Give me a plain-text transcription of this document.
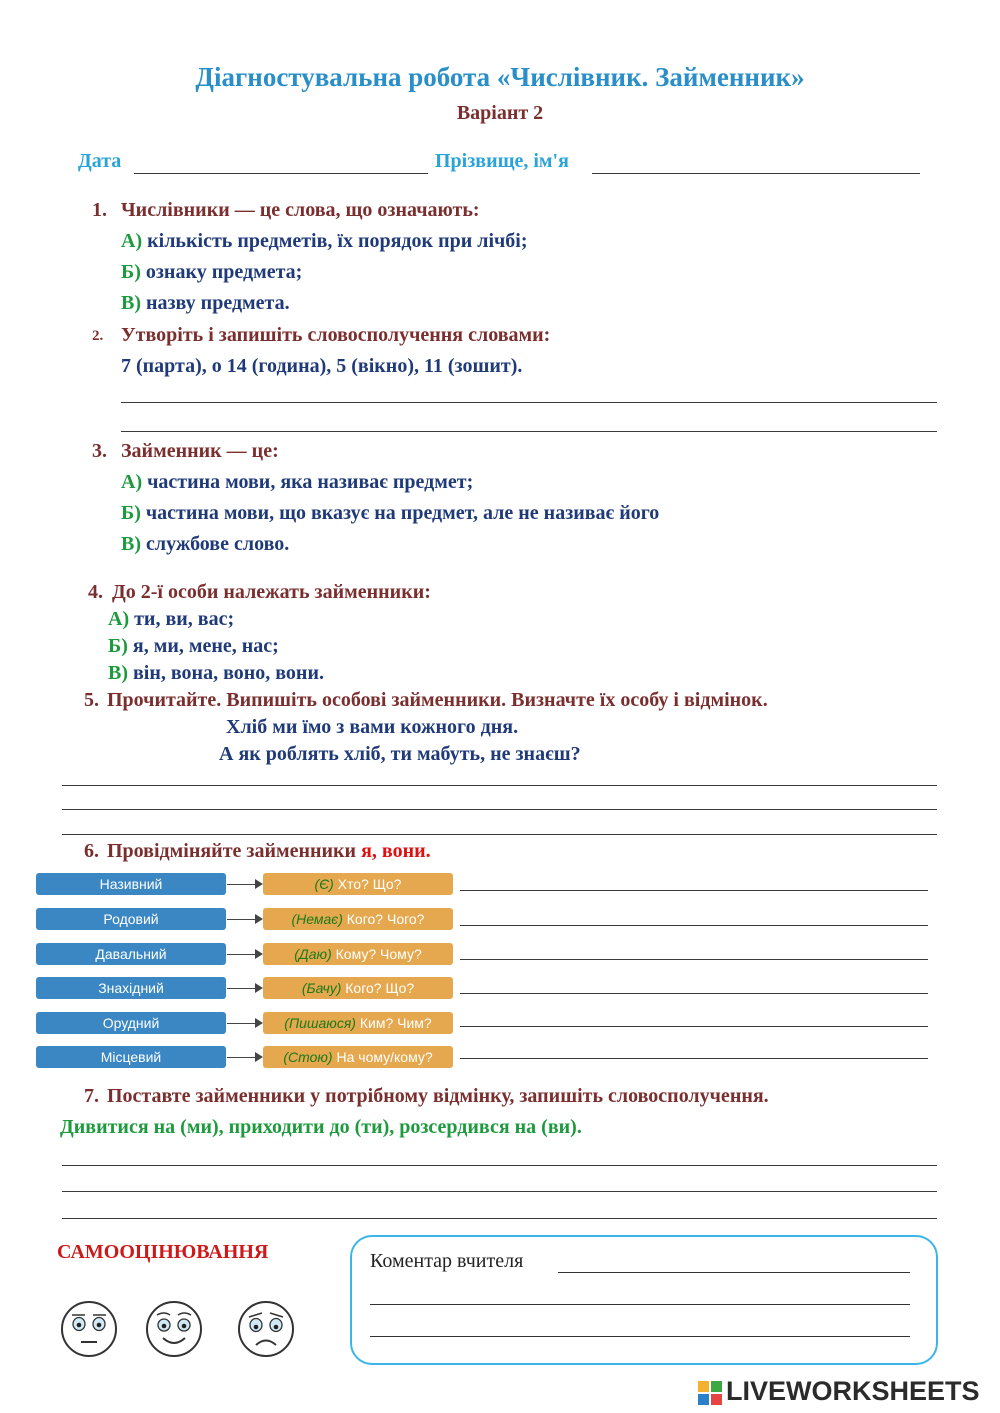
Діагностувальна робота «Числівник. Займенник»
Варіант 2
Дата	Прізвище, ім'я
1. Числівники — це слова, що означають:
А) кількість предметів, їх порядок при лічбі;
Б) ознаку предмета;
В) назву предмета.
2. Утворіть і запишіть словосполучення словами:
7 (парта), о 14 (година), 5 (вікно), 11 (зошит).
3. Займенник — це:
А) частина мови, яка називає предмет;
Б) частина мови, що вказує на предмет, але не називає його
В) службове слово.
4. До 2-ї особи належать займенники:
А) ти, ви, вас;
Б) я, ми, мене, нас;
В) він, вона, воно, вони.
5. Прочитайте. Випишіть особові займенники. Визначте їх особу і відмінок.
Хліб ми їмо з вами кожного дня.
А як роблять хліб, ти мабуть, не знаєш?
6. Провідміняйте займенники я, вони.
Називний	(Є) Хто? Що?
Родовий	(Немає) Кого? Чого?
Давальний	(Даю) Кому? Чому?
Знахідний	(Бачу) Кого? Що?
Орудний	(Пишаюся) Ким? Чим?
Місцевий	(Стою) На чому/кому?
7. Поставте займенники у потрібному відмінку, запишіть словосполучення.
Дивитися на (ми), приходити до (ти), розсердився на (ви).
САМООЦІНЮВАННЯ	Коментар вчителя
LIVEWORKSHEETS
